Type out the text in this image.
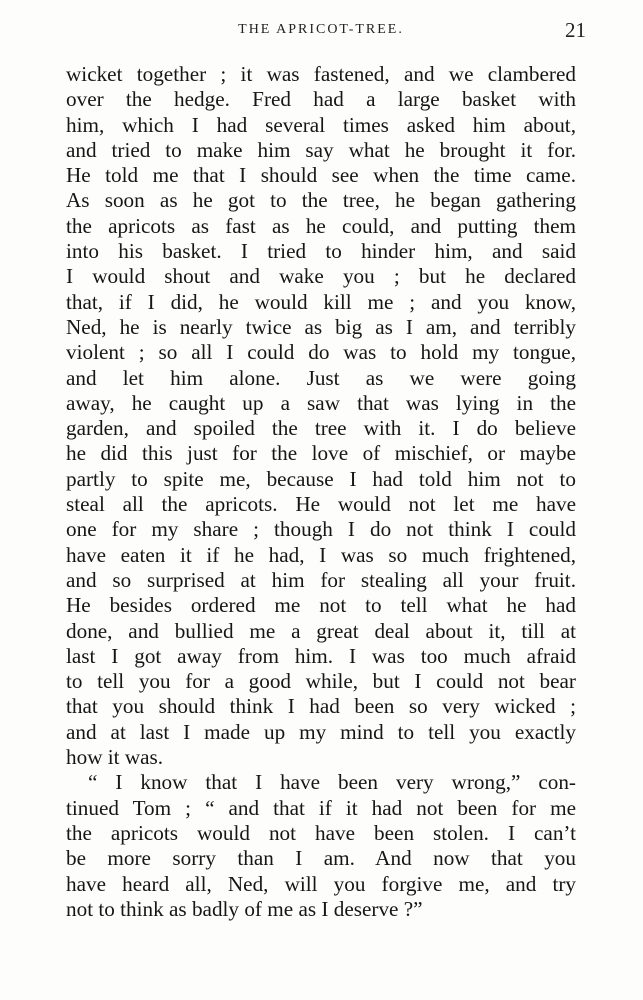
THE APRICOT-TREE.	21
wicket together ; it was fastened, and we clambered
over the hedge. Fred had a large basket with
him, which I had several times asked him about,
and tried to make him say what he brought it for.
He told me that I should see when the time came.
As soon as he got to the tree, he began gathering
the apricots as fast as he could, and putting them
into his basket. I tried to hinder him, and said
I would shout and wake you ; but he declared
that, if I did, he would kill me ; and you know,
Ned, he is nearly twice as big as I am, and terribly
violent ; so all I could do was to hold my tongue,
and let him alone. Just as we were going
away, he caught up a saw that was lying in the
garden, and spoiled the tree with it. I do believe
he did this just for the love of mischief, or maybe
partly to spite me, because I had told him not to
steal all the apricots. He would not let me have
one for my share ; though I do not think I could
have eaten it if he had, I was so much frightened,
and so surprised at him for stealing all your fruit.
He besides ordered me not to tell what he had
done, and bullied me a great deal about it, till at
last I got away from him. I was too much afraid
to tell you for a good while, but I could not bear
that you should think I had been so very wicked ;
and at last I made up my mind to tell you exactly
how it was.
“ I know that I have been very wrong,” con-
tinued Tom ; “ and that if it had not been for me
the apricots would not have been stolen. I can’t
be more sorry than I am. And now that you
have heard all, Ned, will you forgive me, and try
not to think as badly of me as I deserve ?”
